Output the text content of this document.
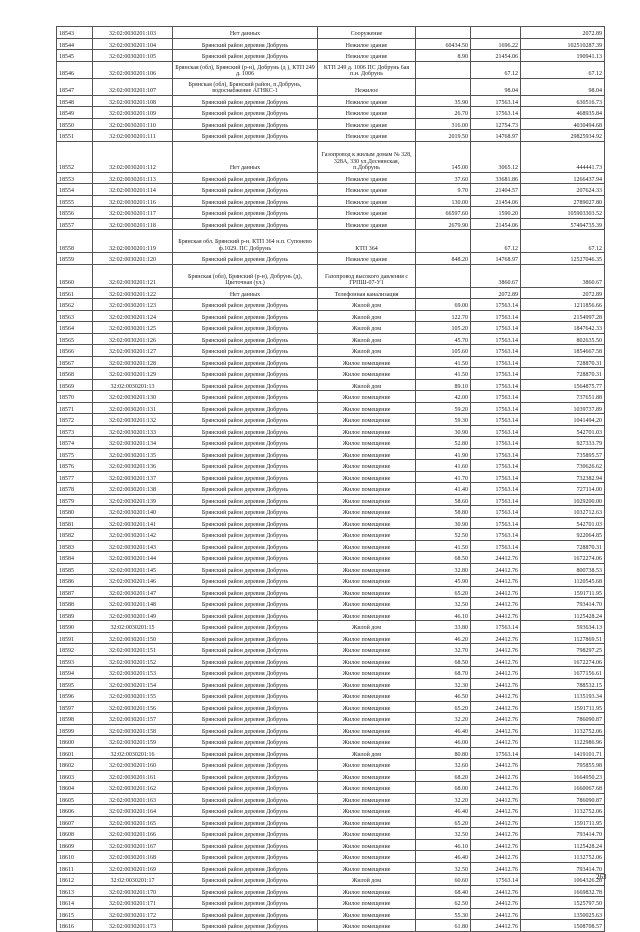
18543	32:02:0030201:103	Нет данных	Сооружение			2072.89
18544	32:02:0030201:104	Брянский район деревня Добрунь	Нежилое здание	60434.50	1696.22	102510287.39
18545	32:02:0030201:105	Брянский район деревня Добрунь	Нежилое здание	8.90	21454.06	190941.13
18546	32:02:0030201:106	Брянская (обл), Брянский (р-н), Добрунь (д ), КТП 249 д. 1006	КТП 249 д. 1006 ПС Добрунь 6ая п.н. Добрунь		67.12	67.12
18547	32:02:0030201:107	Брянская (обл), Брянский район, п.Добрунь, водоснабжение АГНКС-1	Нежилое		98.04	98.04
18548	32:02:0030201:108	Брянский район деревня Добрунь	Нежилое здание	35.90	17563.14	630516.73
18549	32:02:0030201:109	Брянский район деревня Добрунь	Нежилое здание	26.70	17563.14	468935.84
18550	32:02:0030201:110	Брянский район деревня Добрунь	Нежилое здание	316.00	12754.73	4030494.68
18551	32:02:0030201:111	Брянский район деревня Добрунь	Нежилое здание	2019.50	14768.97	29825934.92
18552	32:02:0030201:112	Нет данных	Газопровод к жилым домам № 328, 328А, 330 ул.Деснянская, п.Добрунь	145.00	3065.12	444441.73
18553	32:02:0030201:113	Брянский район деревня Добрунь	Нежилое здание	37.60	33681.86	1266437.94
18554	32:02:0030201:114	Брянский район деревня Добрунь	Нежилое здание	9.70	21404.57	207624.33
18555	32:02:0030201:116	Брянский район деревня Добрунь	Нежилое здание	130.00	21454.06	2789027.80
18556	32:02:0030201:117	Брянский район деревня Добрунь	Нежилое здание	66597.60	1590.20	105903303.52
18557	32:02:0030201:118	Брянский район деревня Добрунь	Нежилое здание	2679.90	21454.06	57494735.39
18558	32:02:0030201:119	Брянская обл. Брянский р-н. КТП 364 н.п. Супонево ф.1029. ПС Добрунь	КТП 364		67.12	67.12
18559	32:02:0030201:120	Брянский район деревня Добрунь	Нежилое здание	848.20	14768.97	12527046.35
18560	32:02:0030201:121	Брянская (обл), Брянский (р-н), Добрунь (д), Цветочная (ул.)	Газопровод высокого давления с ГРПШ-07-У1		3860.67	3860.67
18561	32:02:0030201:122	Нет данных	Телефонная канализация		2072.89	2072.89
18562	32:02:0030201:123	Брянский район деревня Добрунь	Жилой дом	69.00	17563.14	1211856.66
18563	32:02:0030201:124	Брянский район деревня Добрунь	Жилой дом	122.70	17563.14	2154997.28
18564	32:02:0030201:125	Брянский район деревня Добрунь	Жилой дом	105.20	17563.14	1847642.33
18565	32:02:0030201:126	Брянский район деревня Добрунь	Жилой дом	45.70	17563.14	802635.50
18566	32:02:0030201:127	Брянский район деревня Добрунь	Жилой дом	105.60	17563.14	1854667.58
18567	32:02:0030201:128	Брянский район деревня Добрунь	Жилое помещение	41.50	17563.14	728870.31
18568	32:02:0030201:129	Брянский район деревня Добрунь	Жилое помещение	41.50	17563.14	728870.31
18569	32:02:0030201:13	Брянский район деревня Добрунь	Жилой дом	89.10	17563.14	1564875.77
18570	32:02:0030201:130	Брянский район деревня Добрунь	Жилое помещение	42.00	17563.14	737651.88
18571	32:02:0030201:131	Брянский район деревня Добрунь	Жилое помещение	59.20	17563.14	1039737.89
18572	32:02:0030201:132	Брянский район деревня Добрунь	Жилое помещение	59.30	17563.14	1041494.20
18573	32:02:0030201:133	Брянский район деревня Добрунь	Жилое помещение	30.90	17563.14	542701.03
18574	32:02:0030201:134	Брянский район деревня Добрунь	Жилое помещение	52.80	17563.14	927333.79
18575	32:02:0030201:135	Брянский район деревня Добрунь	Жилое помещение	41.90	17563.14	735895.57
18576	32:02:0030201:136	Брянский район деревня Добрунь	Жилое помещение	41.60	17563.14	730626.62
18577	32:02:0030201:137	Брянский район деревня Добрунь	Жилое помещение	41.70	17563.14	732382.94
18578	32:02:0030201:138	Брянский район деревня Добрунь	Жилое помещение	41.40	17563.14	727114.00
18579	32:02:0030201:139	Брянский район деревня Добрунь	Жилое помещение	58.60	17563.14	1029200.00
18580	32:02:0030201:140	Брянский район деревня Добрунь	Жилое помещение	58.80	17563.14	1032712.63
18581	32:02:0030201:141	Брянский район деревня Добрунь	Жилое помещение	30.90	17563.14	542701.03
18582	32:02:0030201:142	Брянский район деревня Добрунь	Жилое помещение	52.50	17563.14	922064.85
18583	32:02:0030201:143	Брянский район деревня Добрунь	Жилое помещение	41.50	17563.14	728870.31
18584	32:02:0030201:144	Брянский район деревня Добрунь	Жилое помещение	68.50	24412.76	1672274.06
18585	32:02:0030201:145	Брянский район деревня Добрунь	Жилое помещение	32.80	24412.76	800738.53
18586	32:02:0030201:146	Брянский район деревня Добрунь	Жилое помещение	45.90	24412.76	1120545.68
18587	32:02:0030201:147	Брянский район деревня Добрунь	Жилое помещение	65.20	24412.76	1591711.95
18588	32:02:0030201:148	Брянский район деревня Добрунь	Жилое помещение	32.50	24412.76	793414.70
18589	32:02:0030201:149	Брянский район деревня Добрунь	Жилое помещение	46.10	24412.76	1125428.24
18590	32:02:0030201:15	Брянский район деревня Добрунь	Жилой дом	33.80	17563.14	593634.13
18591	32:02:0030201:150	Брянский район деревня Добрунь	Жилое помещение	46.20	24412.76	1127869.51
18592	32:02:0030201:151	Брянский район деревня Добрунь	Жилое помещение	32.70	24412.76	798297.25
18593	32:02:0030201:152	Брянский район деревня Добрунь	Жилое помещение	68.50	24412.76	1672274.06
18594	32:02:0030201:153	Брянский район деревня Добрунь	Жилое помещение	68.70	24412.76	1677156.61
18595	32:02:0030201:154	Брянский район деревня Добрунь	Жилое помещение	32.30	24412.76	788532.15
18596	32:02:0030201:155	Брянский район деревня Добрунь	Жилое помещение	46.50	24412.76	1135193.34
18597	32:02:0030201:156	Брянский район деревня Добрунь	Жилое помещение	65.20	24412.76	1591711.95
18598	32:02:0030201:157	Брянский район деревня Добрунь	Жилое помещение	32.20	24412.76	786090.87
18599	32:02:0030201:158	Брянский район деревня Добрунь	Жилое помещение	46.40	24412.76	1132752.06
18600	32:02:0030201:159	Брянский район деревня Добрунь	Жилое помещение	46.00	24412.76	1122986.96
18601	32:02:0030201:16	Брянский район деревня Добрунь	Жилой дом	80.80	17563.14	1419101.71
18602	32:02:0030201:160	Брянский район деревня Добрунь	Жилое помещение	32.60	24412.76	795855.98
18603	32:02:0030201:161	Брянский район деревня Добрунь	Жилое помещение	68.20	24412.76	1664950.23
18604	32:02:0030201:162	Брянский район деревня Добрунь	Жилое помещение	68.00	24412.76	1660067.68
18605	32:02:0030201:163	Брянский район деревня Добрунь	Жилое помещение	32.20	24412.76	786090.87
18606	32:02:0030201:164	Брянский район деревня Добрунь	Жилое помещение	46.40	24412.76	1132752.06
18607	32:02:0030201:165	Брянский район деревня Добрунь	Жилое помещение	65.20	24412.76	1591711.95
18608	32:02:0030201:166	Брянский район деревня Добрунь	Жилое помещение	32.50	24412.76	793414.70
18609	32:02:0030201:167	Брянский район деревня Добрунь	Жилое помещение	46.10	24412.76	1125428.24
18610	32:02:0030201:168	Брянский район деревня Добрунь	Жилое помещение	46.40	24412.76	1132752.06
18611	32:02:0030201:169	Брянский район деревня Добрунь	Жилое помещение	32.50	24412.76	793414.70
18612	32:02:0030201:17	Брянский район деревня Добрунь	Жилой дом	60.60	17563.14	1064326.28
18613	32:02:0030201:170	Брянский район деревня Добрунь	Жилое помещение	68.40	24412.76	1669832.78
18614	32:02:0030201:171	Брянский район деревня Добрунь	Жилое помещение	62.50	24412.76	1525797.50
18615	32:02:0030201:172	Брянский район деревня Добрунь	Жилое помещение	55.30	24412.76	1350025.63
18616	32:02:0030201:173	Брянский район деревня Добрунь	Жилое помещение	61.80	24412.76	1508708.57
263
